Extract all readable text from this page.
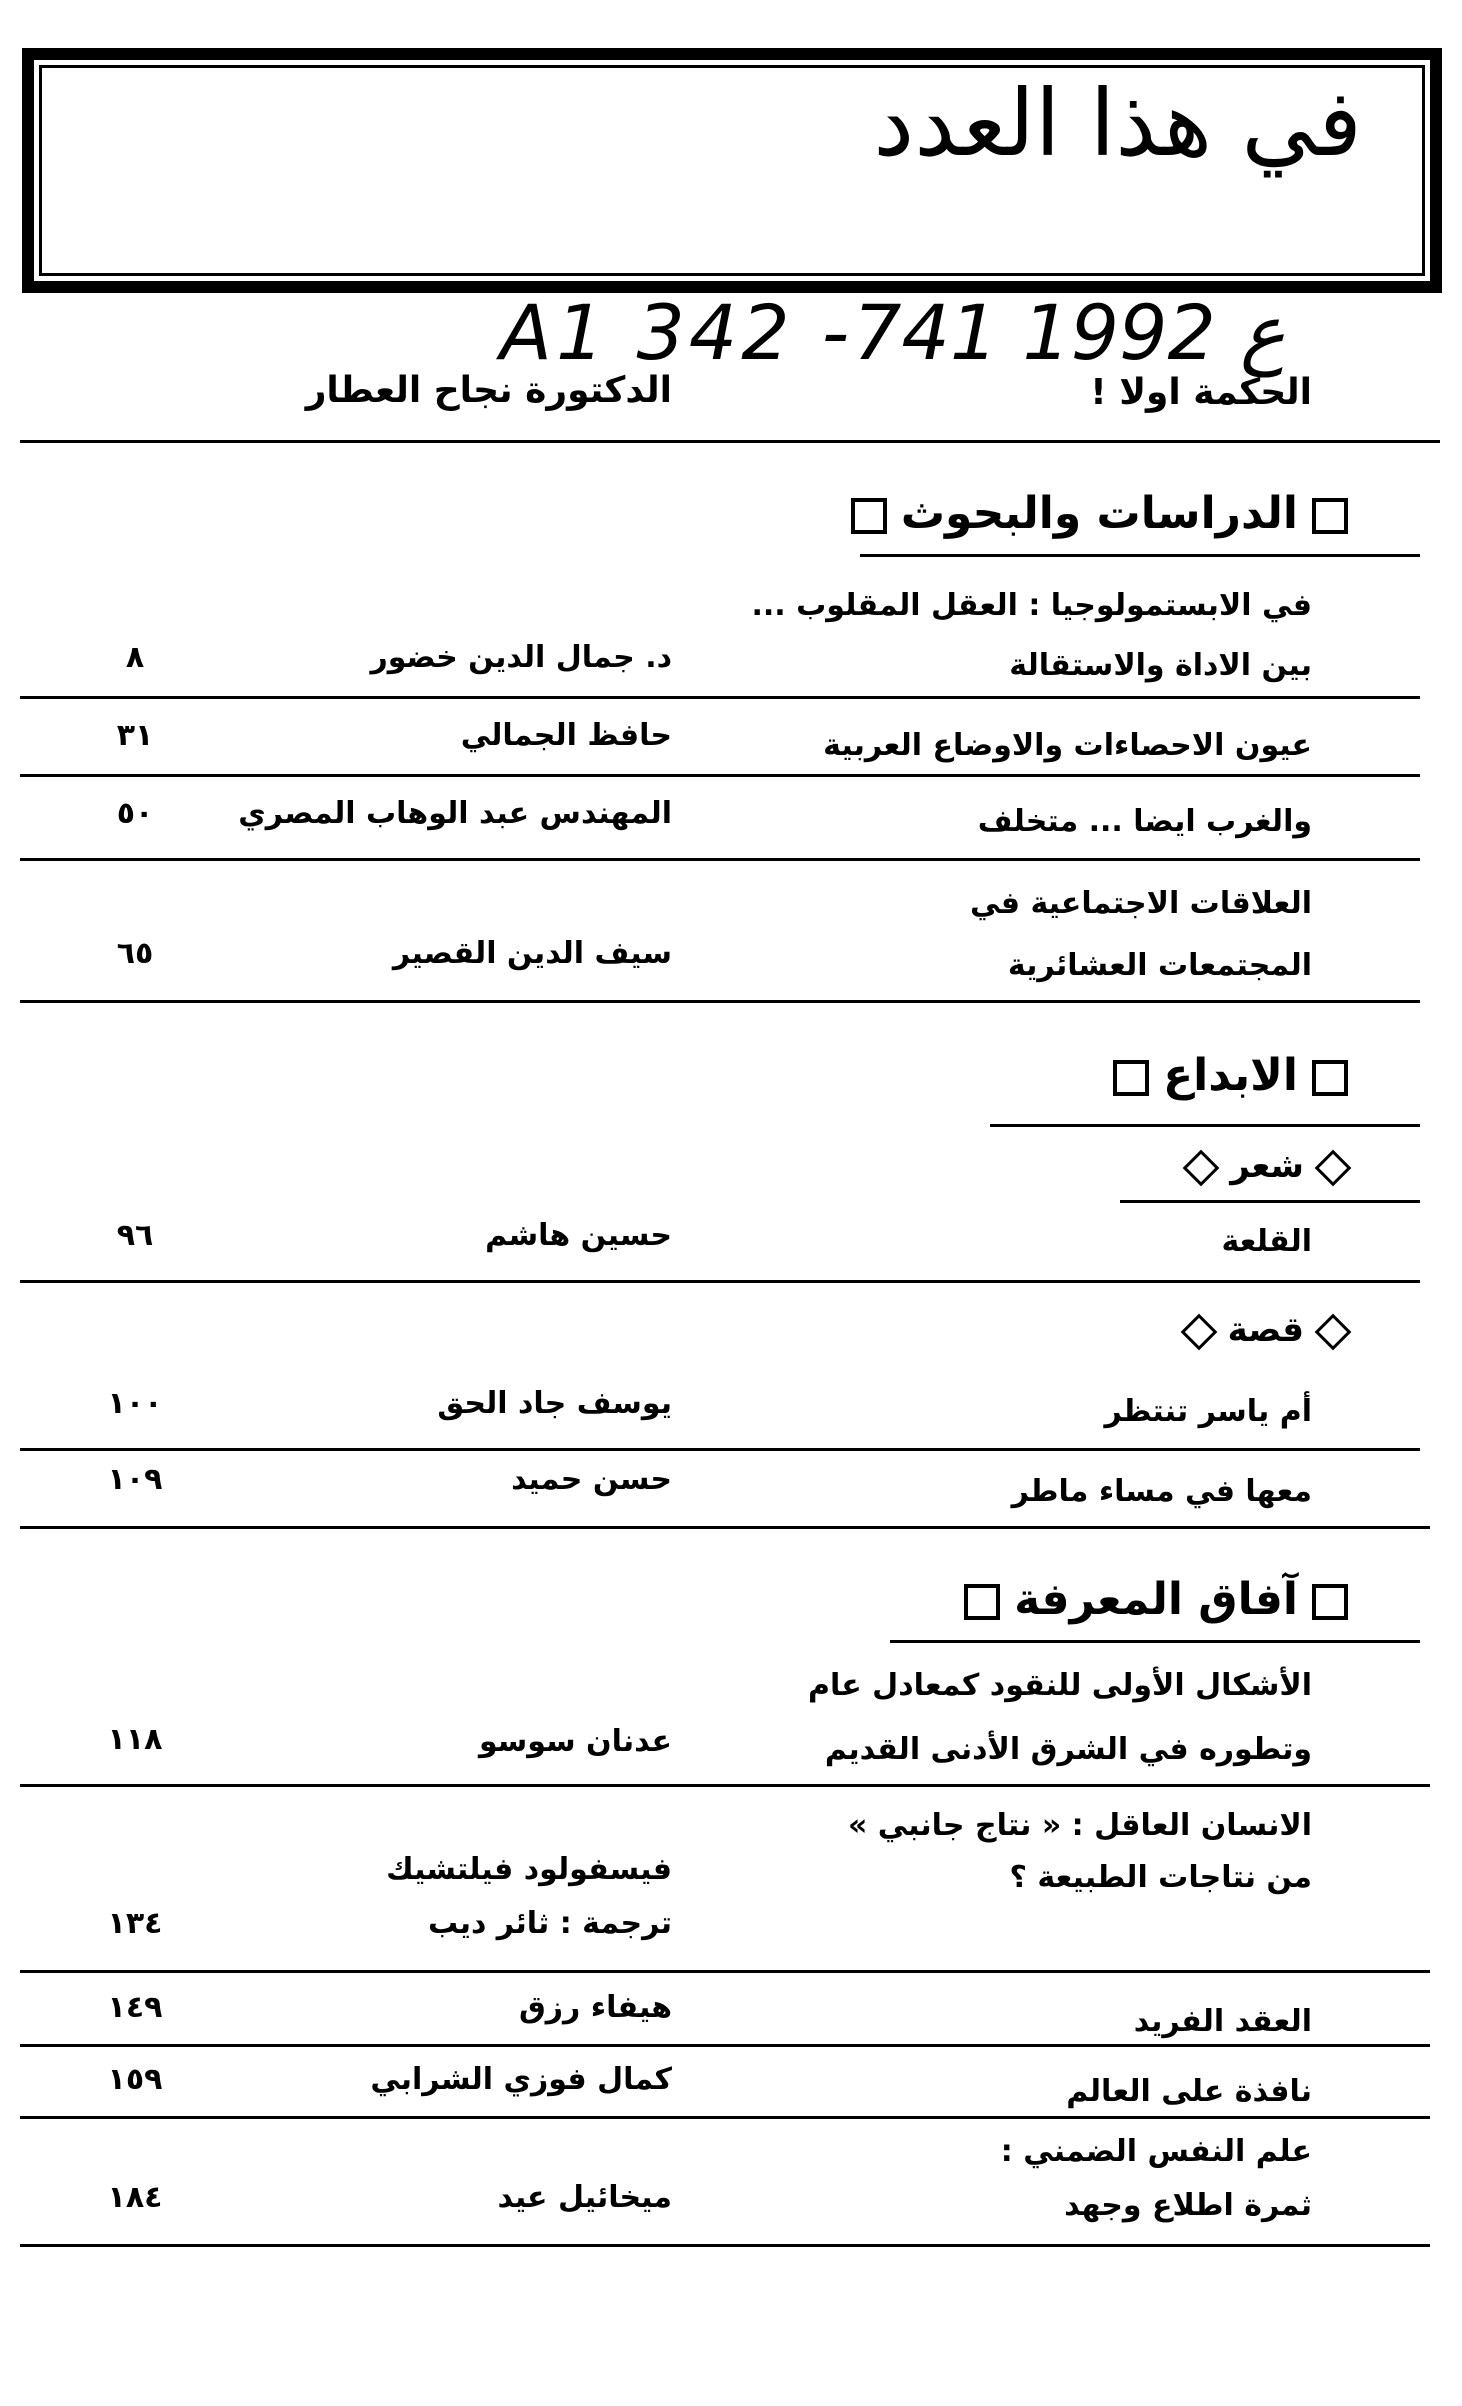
في هذا العدد
A1 342 -ع 1992 741
الحكمة اولا !
الدكتورة نجاح العطار
الدراسات والبحوث
في الابستمولوجيا : العقل المقلوب ...
بين الاداة والاستقالة
د. جمال الدين خضور
٨
عيون الاحصاءات والاوضاع العربية
حافظ الجمالي
٣١
والغرب ايضا ... متخلف
المهندس عبد الوهاب المصري
٥٠
العلاقات الاجتماعية في
المجتمعات العشائرية
سيف الدين القصير
٦٥
الابداع
شعر
القلعة
حسين هاشم
٩٦
قصة
أم ياسر تنتظر
يوسف جاد الحق
١٠٠
معها في مساء ماطر
حسن حميد
١٠٩
آفاق المعرفة
الأشكال الأولى للنقود كمعادل عام
وتطوره في الشرق الأدنى القديم
عدنان سوسو
١١٨
الانسان العاقل : « نتاج جانبي »
من نتاجات الطبيعة ؟
فيسفولود فيلتشيك
ترجمة : ثائر ديب
١٣٤
العقد الفريد
هيفاء رزق
١٤٩
نافذة على العالم
كمال فوزي الشرابي
١٥٩
علم النفس الضمني :
ثمرة اطلاع وجهد
ميخائيل عيد
١٨٤
